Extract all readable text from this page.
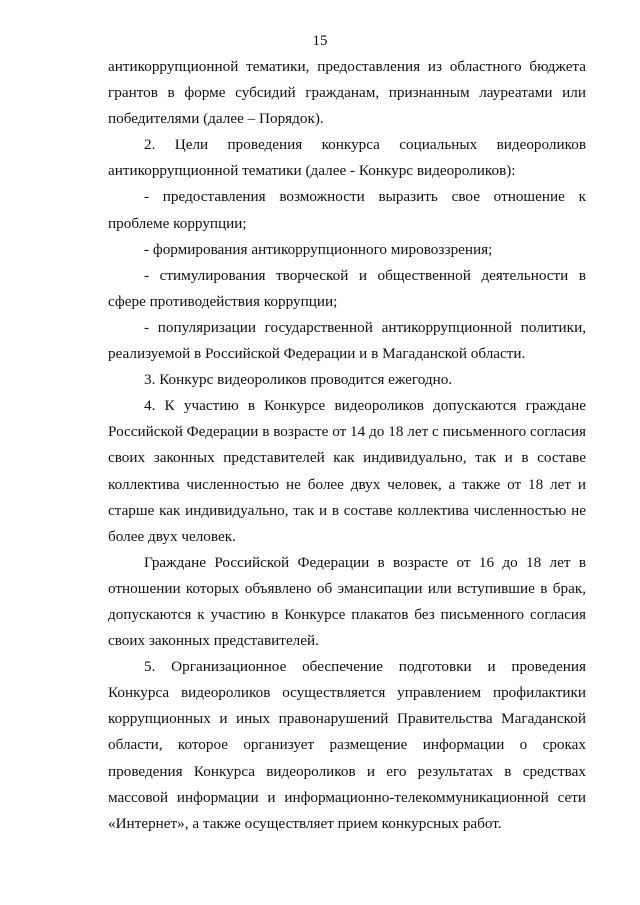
15

антикоррупционной тематики, предоставления из областного бюджета грантов в форме субсидий гражданам, признанным лауреатами или победителями (далее – Порядок).

2. Цели проведения конкурса социальных видеороликов антикоррупционной тематики (далее - Конкурс видеороликов):

- предоставления возможности выразить свое отношение к проблеме коррупции;

- формирования антикоррупционного мировоззрения;

- стимулирования творческой и общественной деятельности в сфере противодействия коррупции;

- популяризации государственной антикоррупционной политики, реализуемой в Российской Федерации и в Магаданской области.

3. Конкурс видеороликов проводится ежегодно.

4. К участию в Конкурсе видеороликов допускаются граждане Российской Федерации в возрасте от 14 до 18 лет с письменного согласия своих законных представителей как индивидуально, так и в составе коллектива численностью не более двух человек, а также от 18 лет и старше как индивидуально, так и в составе коллектива численностью не более двух человек.

Граждане Российской Федерации в возрасте от 16 до 18 лет в отношении которых объявлено об эмансипации или вступившие в брак, допускаются к участию в Конкурсе плакатов без письменного согласия своих законных представителей.

5. Организационное обеспечение подготовки и проведения Конкурса видеороликов осуществляется управлением профилактики коррупционных и иных правонарушений Правительства Магаданской области, которое организует размещение информации о сроках проведения Конкурса видеороликов и его результатах в средствах массовой информации и информационно-телекоммуникационной сети «Интернет», а также осуществляет прием конкурсных работ.
